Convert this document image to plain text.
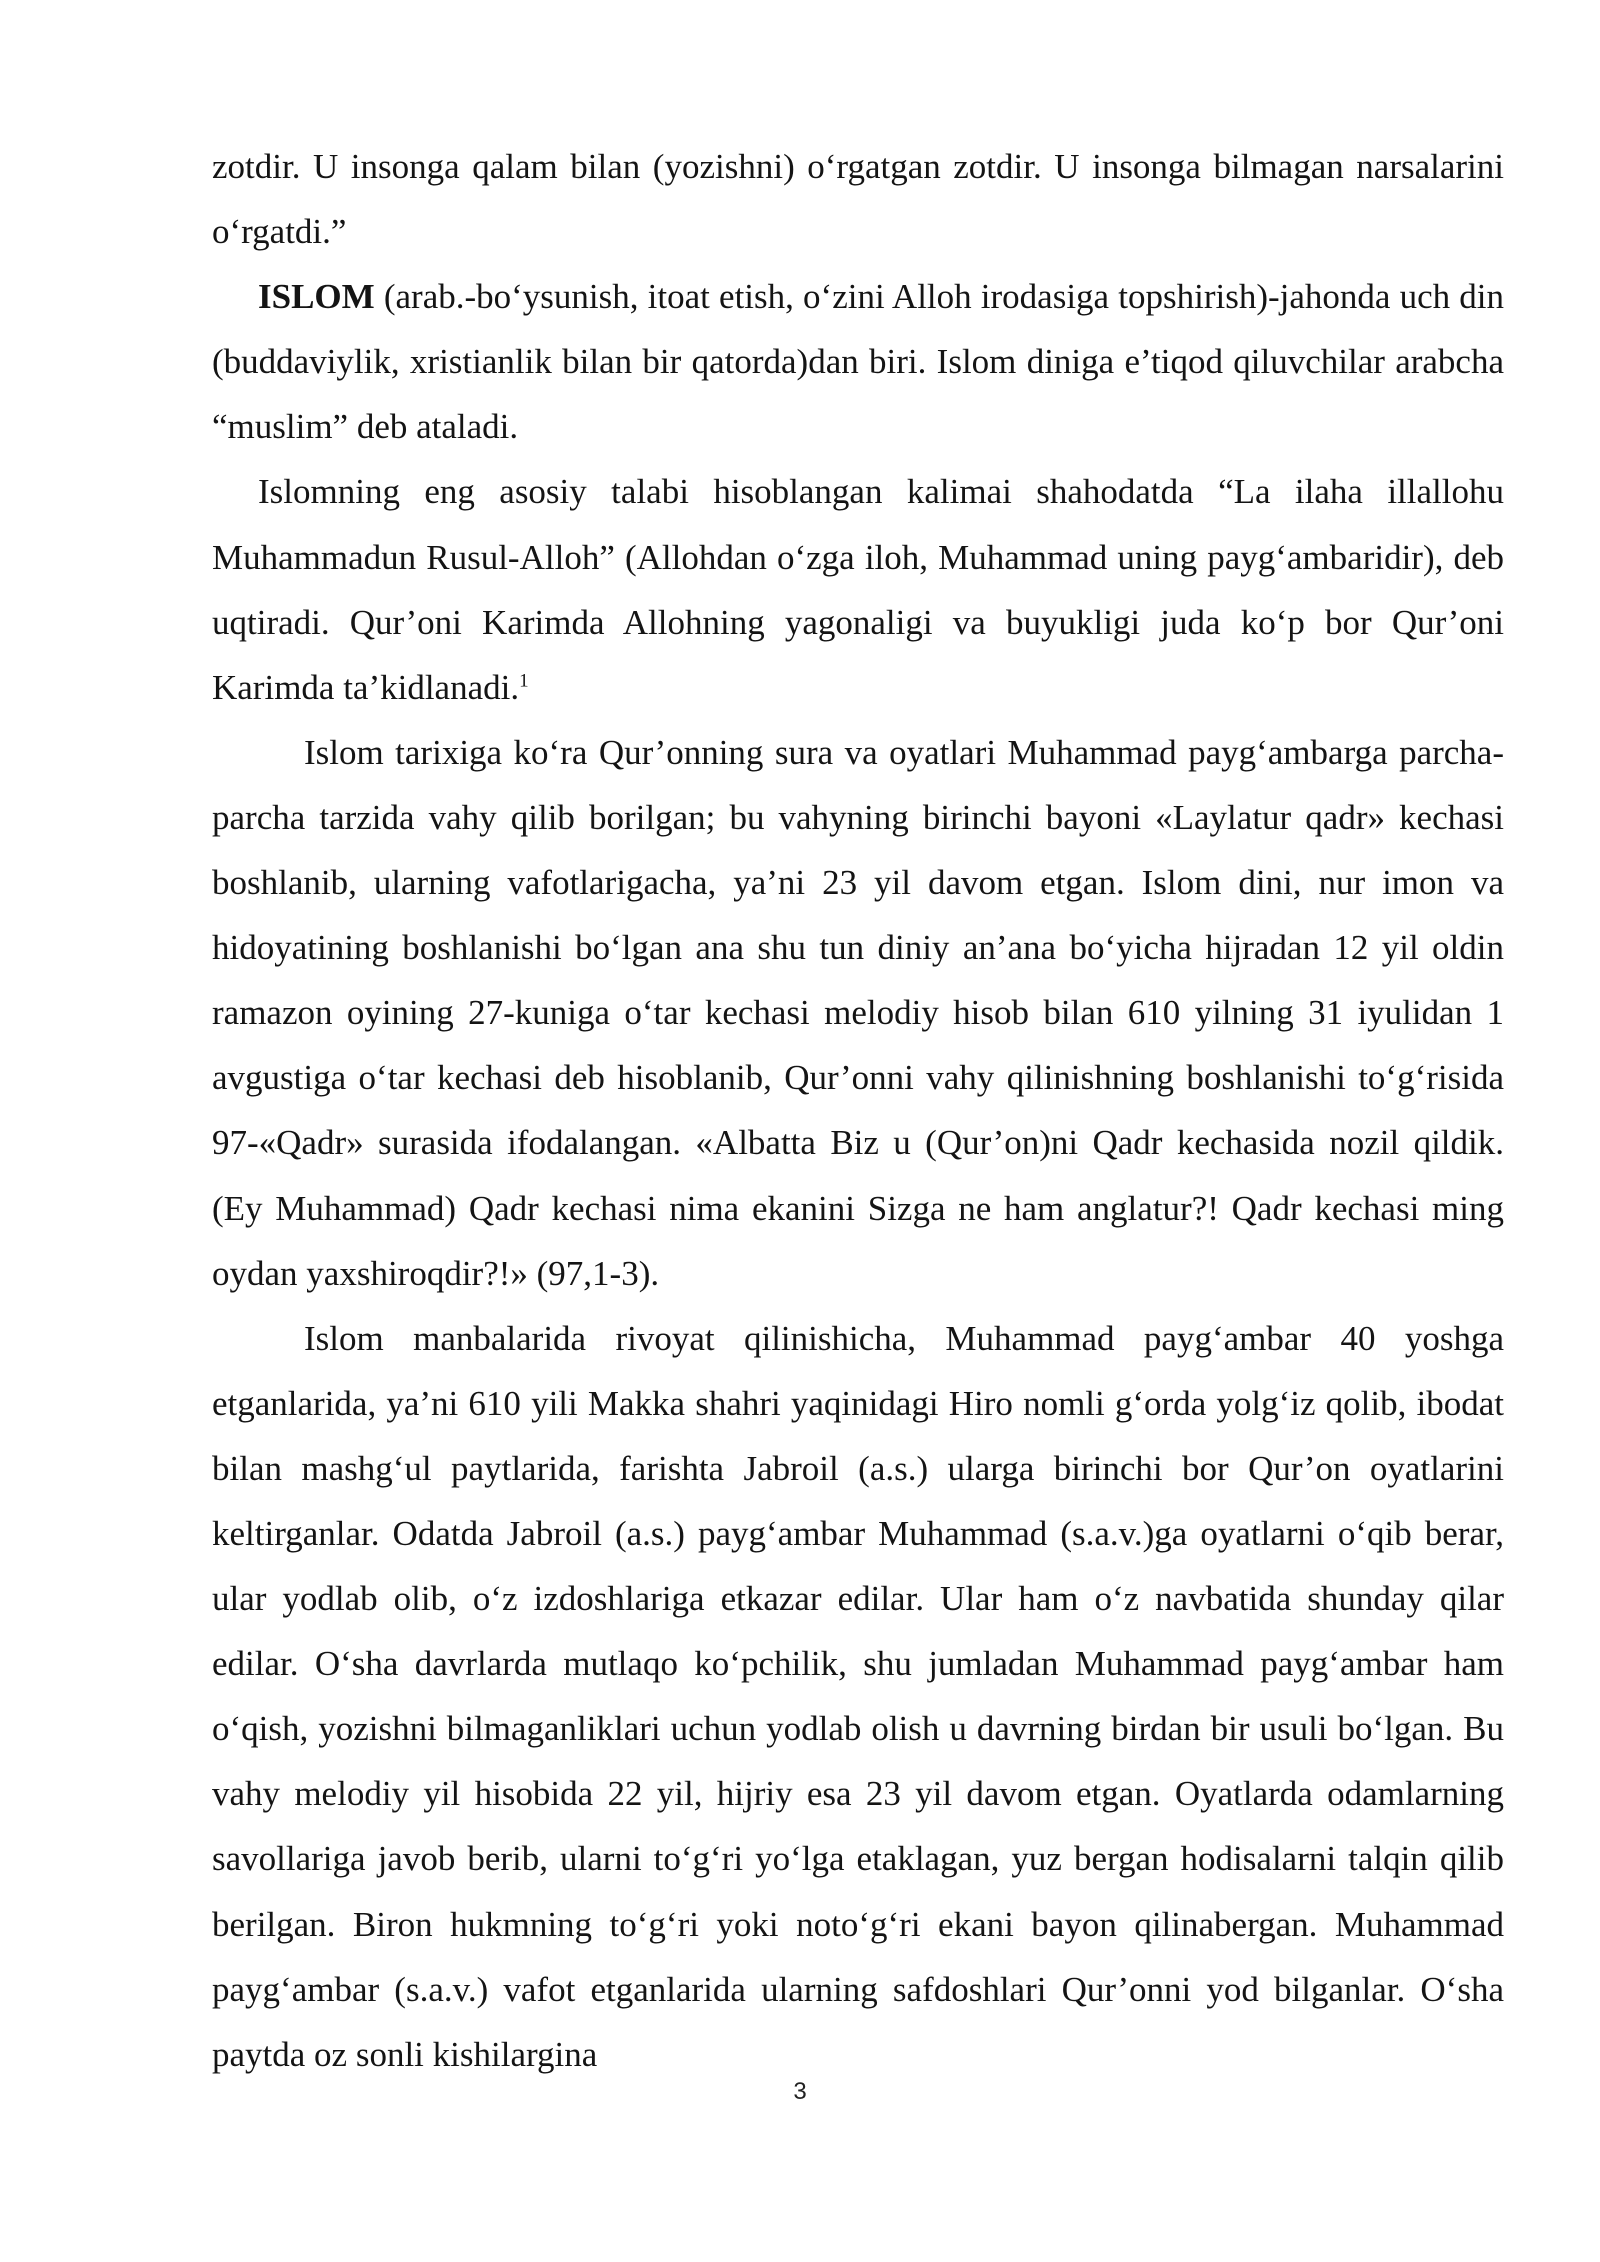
zotdir. U insonga qalam bilan (yozishni) o‘rgatgan zotdir. U insonga bilmagan narsalarini o‘rgatdi.”

ISLOM (arab.-bo‘ysunish, itoat etish, o‘zini Alloh irodasiga topshirish)-jahonda uch din (buddaviylik, xristianlik bilan bir qatorda)dan biri. Islom diniga e’tiqod qiluvchilar arabcha “muslim” deb ataladi.

Islomning eng asosiy talabi hisoblangan kalimai shahodatda “La ilaha illallohu Muhammadun Rusul-Alloh” (Allohdan o‘zga iloh, Muhammad uning payg‘ambaridir), deb uqtiradi. Qur’oni Karimda Allohning yagonaligi va buyukligi juda ko‘p bor Qur’oni Karimda ta’kidlanadi.$^1$

Islom tarixiga ko‘ra Qur’onning sura va oyatlari Muhammad payg‘ambarga parcha-parcha tarzida vahy qilib borilgan; bu vahyning birinchi bayoni «Laylatur qadr» kechasi boshlanib, ularning vafotlarigacha, ya’ni 23 yil davom etgan. Islom dini, nur imon va hidoyatining boshlanishi bo‘lgan ana shu tun diniy an’ana bo‘yicha hijradan 12 yil oldin ramazon oyining 27-kuniga o‘tar kechasi melodiy hisob bilan 610 yilning 31 iyulidan 1 avgustiga o‘tar kechasi deb hisoblanib, Qur’onni vahy qilinishning boshlanishi to‘g‘risida 97-«Qadr» surasida ifodalangan. «Albatta Biz u (Qur’on)ni Qadr kechasida nozil qildik. (Ey Muhammad) Qadr kechasi nima ekanini Sizga ne ham anglatur?! Qadr kechasi ming oydan yaxshiroqdir?!» (97,1-3).

Islom manbalarida rivoyat qilinishicha, Muhammad payg‘ambar 40 yoshga etganlarida, ya’ni 610 yili Makka shahri yaqinidagi Hiro nomli g‘orda yolg‘iz qolib, ibodat bilan mashg‘ul paytlarida, farishta Jabroil (a.s.) ularga birinchi bor Qur’on oyatlarini keltirganlar. Odatda Jabroil (a.s.) payg‘ambar Muhammad (s.a.v.)ga oyatlarni o‘qib berar, ular yodlab olib, o‘z izdoshlariga etkazar edilar. Ular ham o‘z navbatida shunday qilar edilar. O‘sha davrlarda mutlaqo ko‘pchilik, shu jumladan Muhammad payg‘ambar ham o‘qish, yozishni bilmaganliklari uchun yodlab olish u davrning birdan bir usuli bo‘lgan. Bu vahy melodiy yil hisobida 22 yil, hijriy esa 23 yil davom etgan. Oyatlarda odamlarning savollariga javob berib, ularni to‘g‘ri yo‘lga etaklagan, yuz bergan hodisalarni talqin qilib berilgan. Biron hukmning to‘g‘ri yoki noto‘g‘ri ekani bayon qilinabergan. Muhammad payg‘ambar (s.a.v.) vafot etganlarida ularning safdoshlari Qur’onni yod bilganlar. O‘sha paytda oz sonli kishilargina

3
